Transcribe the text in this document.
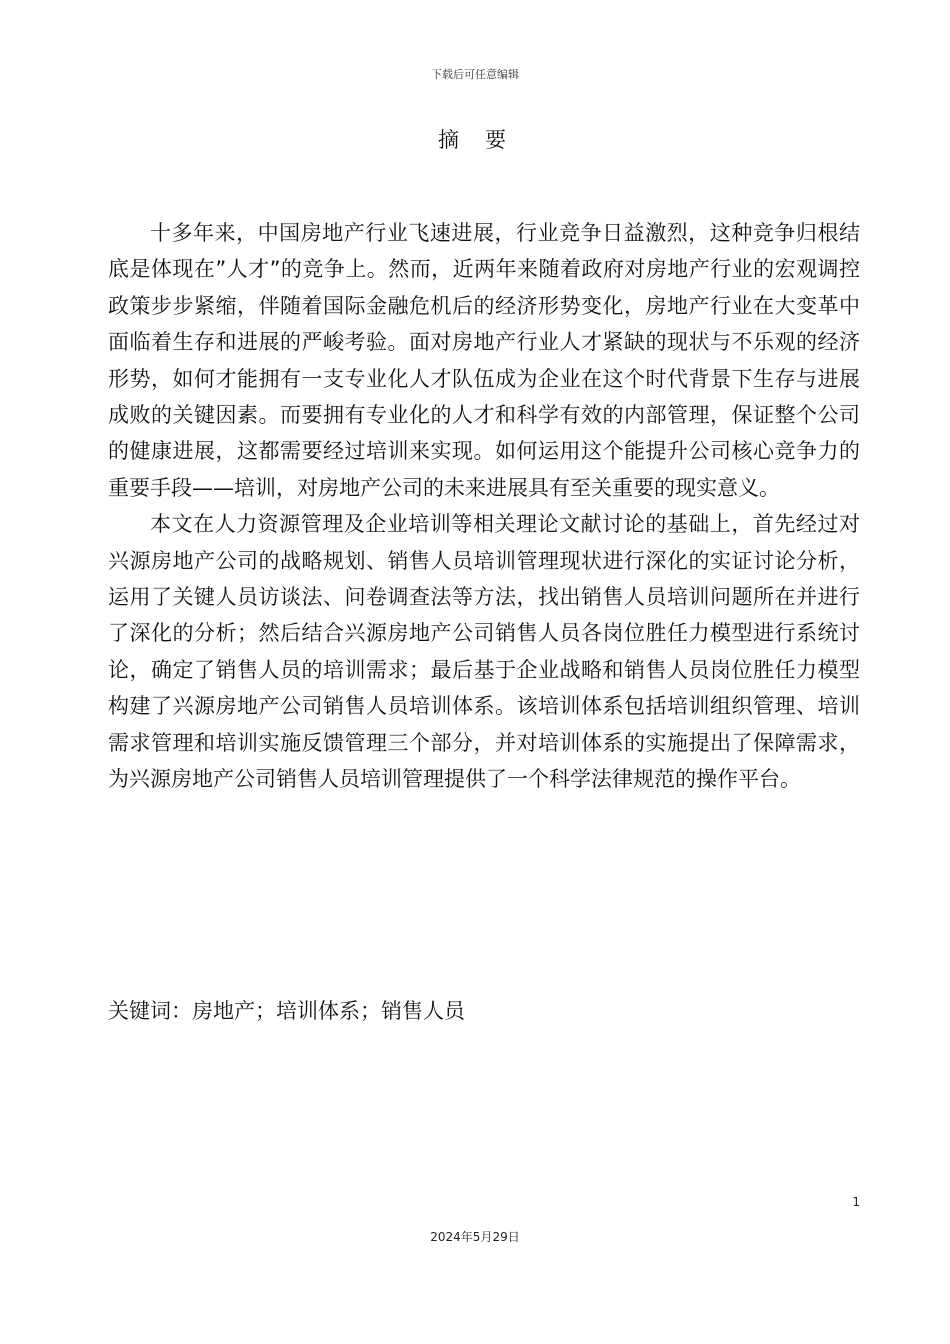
下载后可任意编辑
摘要

十多年来，中国房地产行业飞速进展，行业竞争日益激烈，这种竞争归根结底是体现在”人才”的竞争上。然而，近两年来随着政府对房地产行业的宏观调控政策步步紧缩，伴随着国际金融危机后的经济形势变化，房地产行业在大变革中面临着生存和进展的严峻考验。面对房地产行业人才紧缺的现状与不乐观的经济形势，如何才能拥有一支专业化人才队伍成为企业在这个时代背景下生存与进展成败的关键因素。而要拥有专业化的人才和科学有效的内部管理，保证整个公司的健康进展，这都需要经过培训来实现。如何运用这个能提升公司核心竞争力的重要手段——培训，对房地产公司的未来进展具有至关重要的现实意义。

本文在人力资源管理及企业培训等相关理论文献讨论的基础上，首先经过对兴源房地产公司的战略规划、销售人员培训管理现状进行深化的实证讨论分析，运用了关键人员访谈法、问卷调查法等方法，找出销售人员培训问题所在并进行了深化的分析；然后结合兴源房地产公司销售人员各岗位胜任力模型进行系统讨论，确定了销售人员的培训需求；最后基于企业战略和销售人员岗位胜任力模型构建了兴源房地产公司销售人员培训体系。该培训体系包括培训组织管理、培训需求管理和培训实施反馈管理三个部分，并对培训体系的实施提出了保障需求，为兴源房地产公司销售人员培训管理提供了一个科学法律规范的操作平台。

关键词：房地产；培训体系；销售人员
1
2024年5月29日
